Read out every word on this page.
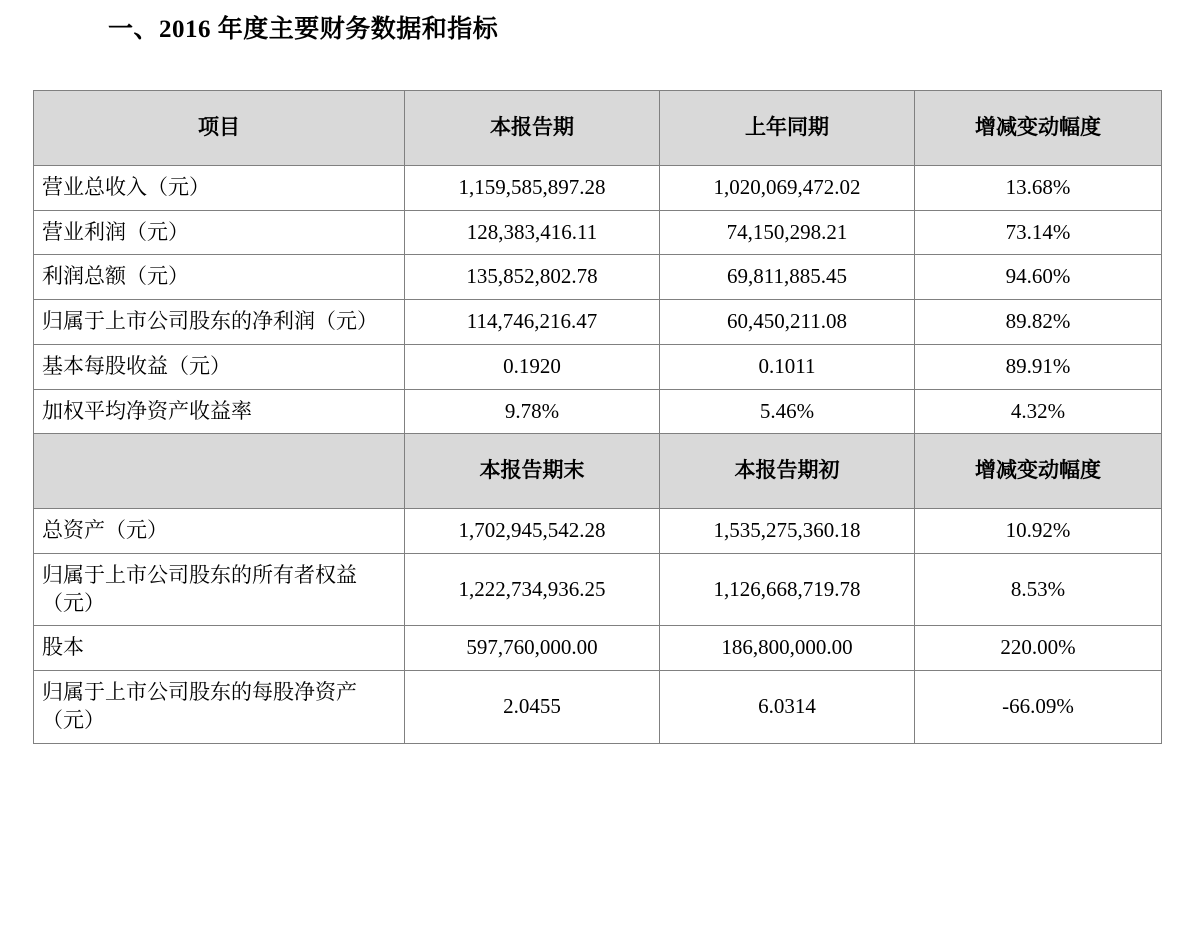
一、2016 年度主要财务数据和指标
项目	本报告期	上年同期	增减变动幅度
营业总收入（元）	1,159,585,897.28	1,020,069,472.02	13.68%
营业利润（元）	128,383,416.11	74,150,298.21	73.14%
利润总额（元）	135,852,802.78	69,811,885.45	94.60%
归属于上市公司股东的净利润（元）	114,746,216.47	60,450,211.08	89.82%
基本每股收益（元）	0.1920	0.1011	89.91%
加权平均净资产收益率	9.78%	5.46%	4.32%
	本报告期末	本报告期初	增减变动幅度
总资产（元）	1,702,945,542.28	1,535,275,360.18	10.92%
归属于上市公司股东的所有者权益（元）	1,222,734,936.25	1,126,668,719.78	8.53%
股本	597,760,000.00	186,800,000.00	220.00%
归属于上市公司股东的每股净资产（元）	2.0455	6.0314	-66.09%
